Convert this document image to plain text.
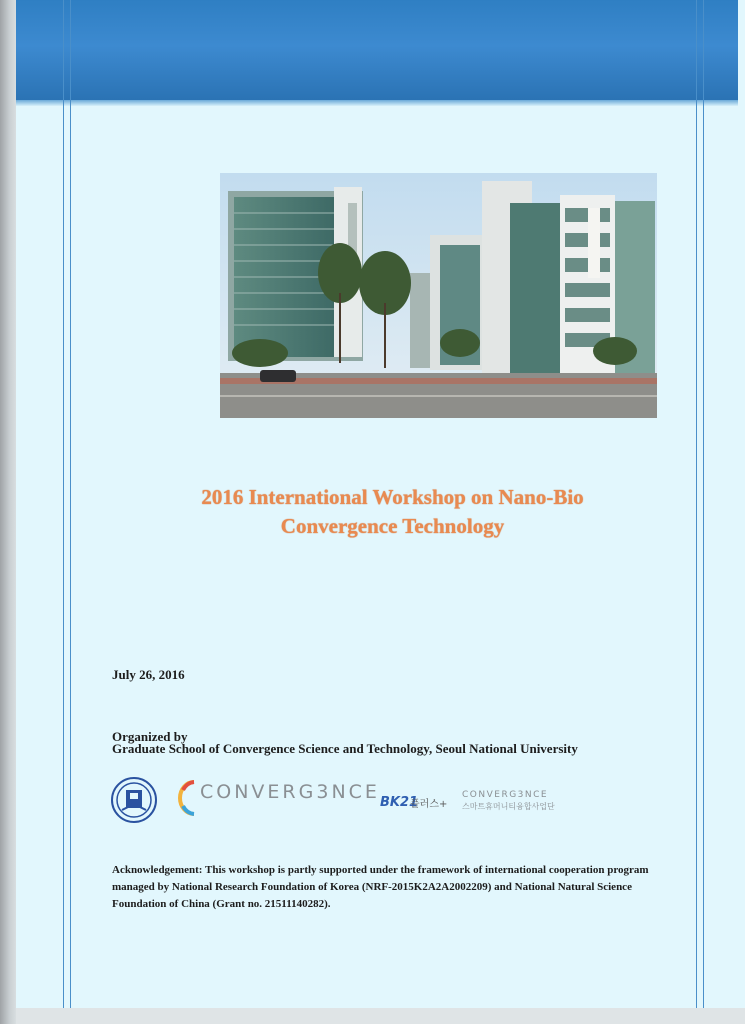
2016 International Workshop on Nano-Bio
Convergence Technology
July 26, 2016
Organized by
Graduate School of Convergence Science and Technology, Seoul National University
CONVERG3NCE BK21
플러스+
CONVERG3NCE
스마트휴머니티융합사업단
Acknowledgement: This workshop is partly supported under the framework of international cooperation program managed by National Research Foundation of Korea (NRF-2015K2A2A2002209) and National Natural Science Foundation of China (Grant no. 21511140282).
